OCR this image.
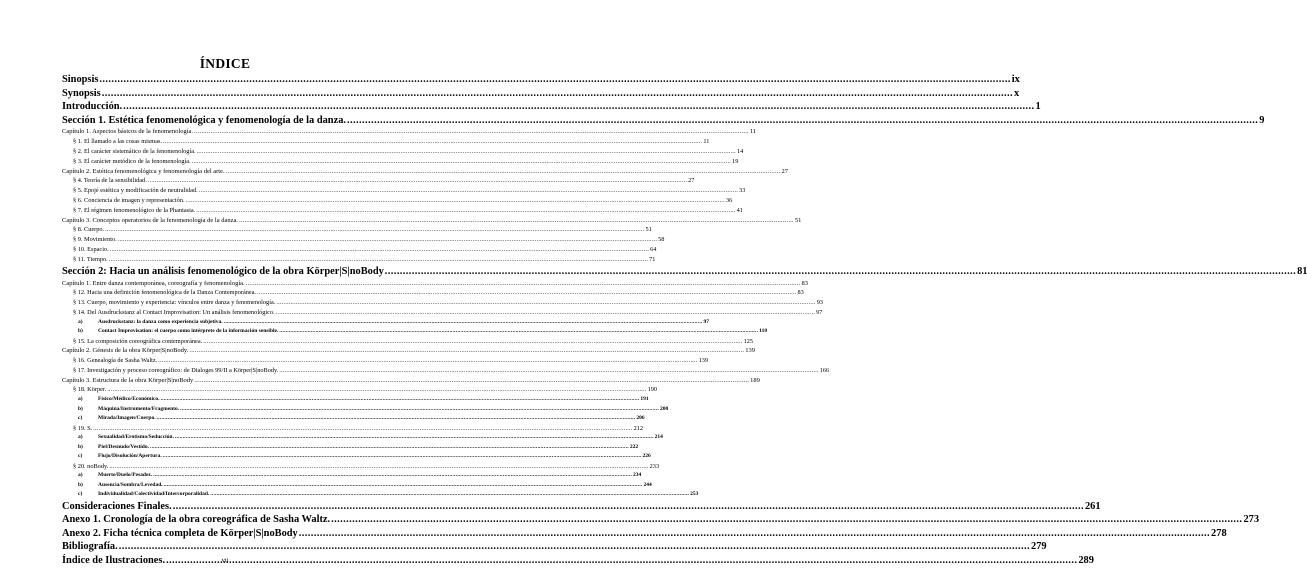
ÍNDICE
Sinopsis .....	ix
Synopsis .....	x
Introducción. .....	1
Sección 1. Estética fenomenológica y fenomenología de la danza. .....	9
Capítulo 1. Aspectos básicos de la fenomenología. .....	11
§ 1. El llamado a las cosas mismas. .....	11
§ 2. El carácter sistemático de la fenomenología. .....	14
§ 3. El carácter metódico de la fenomenología. .....	19
Capítulo 2. Estética fenomenológica y fenomenología del arte. .....	27
§ 4. Teoría de la sensibilidad. .....	27
§ 5. Epojé estética y modificación de neutralidad. .....	33
§ 6. Conciencia de imagen y representación. .....	36
§ 7. El régimen fenomenológico de la Phantasia. .....	41
Capítulo 3. Conceptos operatorios de la fenomenología de la danza. .....	51
§ 8. Cuerpo. .....	51
§ 9. Movimiento. .....	58
§ 10. Espacio. .....	64
§ 11. Tiempo. .....	71
Sección 2: Hacia un análisis fenomenológico de la obra Körper|S|noBody .....	81
Capítulo 1. Entre danza contemporánea, coreografía y fenomenología. .....	83
§ 12. Hacia una definición fenomenológica de la Danza Contemporánea. .....	83
§ 13. Cuerpo, movimiento y experiencia: vínculos entre danza y fenomenología. .....	93
§ 14. Del Ausdruckstanz al Contact Improvisation: Un análisis fenomenológico. .....	97
a)	Ausdruckstanz: la danza como experiencia subjetiva. .....	97
b)	Contact Improvisation: el cuerpo como intérprete de la información sensible. .....	110
§ 15. La composición coreográfica contemporánea. .....	125
Capítulo 2. Génesis de la obra Körper|S|noBody. .....	139
§ 16. Genealogía de Sasha Waltz. .....	139
§ 17. Investigación y proceso coreográfico: de Dialoges 99/II a Körper|S|noBody. .....	166
Capítulo 3. Estructura de la obra Körper|S|noBody .....	189
§ 18. Körper. .....	190
a)	Físico/Médico/Económico. .....	191
b)	Máquina/Instrumento/Fragmento. .....	200
c)	Mirada/Imagen/Cuerpo. .....	206
§ 19. S. .....	212
a)	Sexualidad/Erotismo/Seducción. .....	214
b)	Piel/Desnudo/Vestido. .....	222
c)	Flujo/Disolución/Apertura. .....	226
§ 20. noBody. .....	233
a)	Muerte/Duelo/Pesadez. .....	234
b)	Ausencia/Sombra/Levedad. .....	244
c)	Individualidad/Colectividad/Intercorporalidad. .....	253
Consideraciones Finales. .....	261
Anexo 1. Cronología de la obra coreográfica de Sasha Waltz. .....	273
Anexo 2. Ficha técnica completa de Körper|S|noBody .....	278
Bibliografía. .....	279
Índice de Ilustraciones. .....	289
vii
